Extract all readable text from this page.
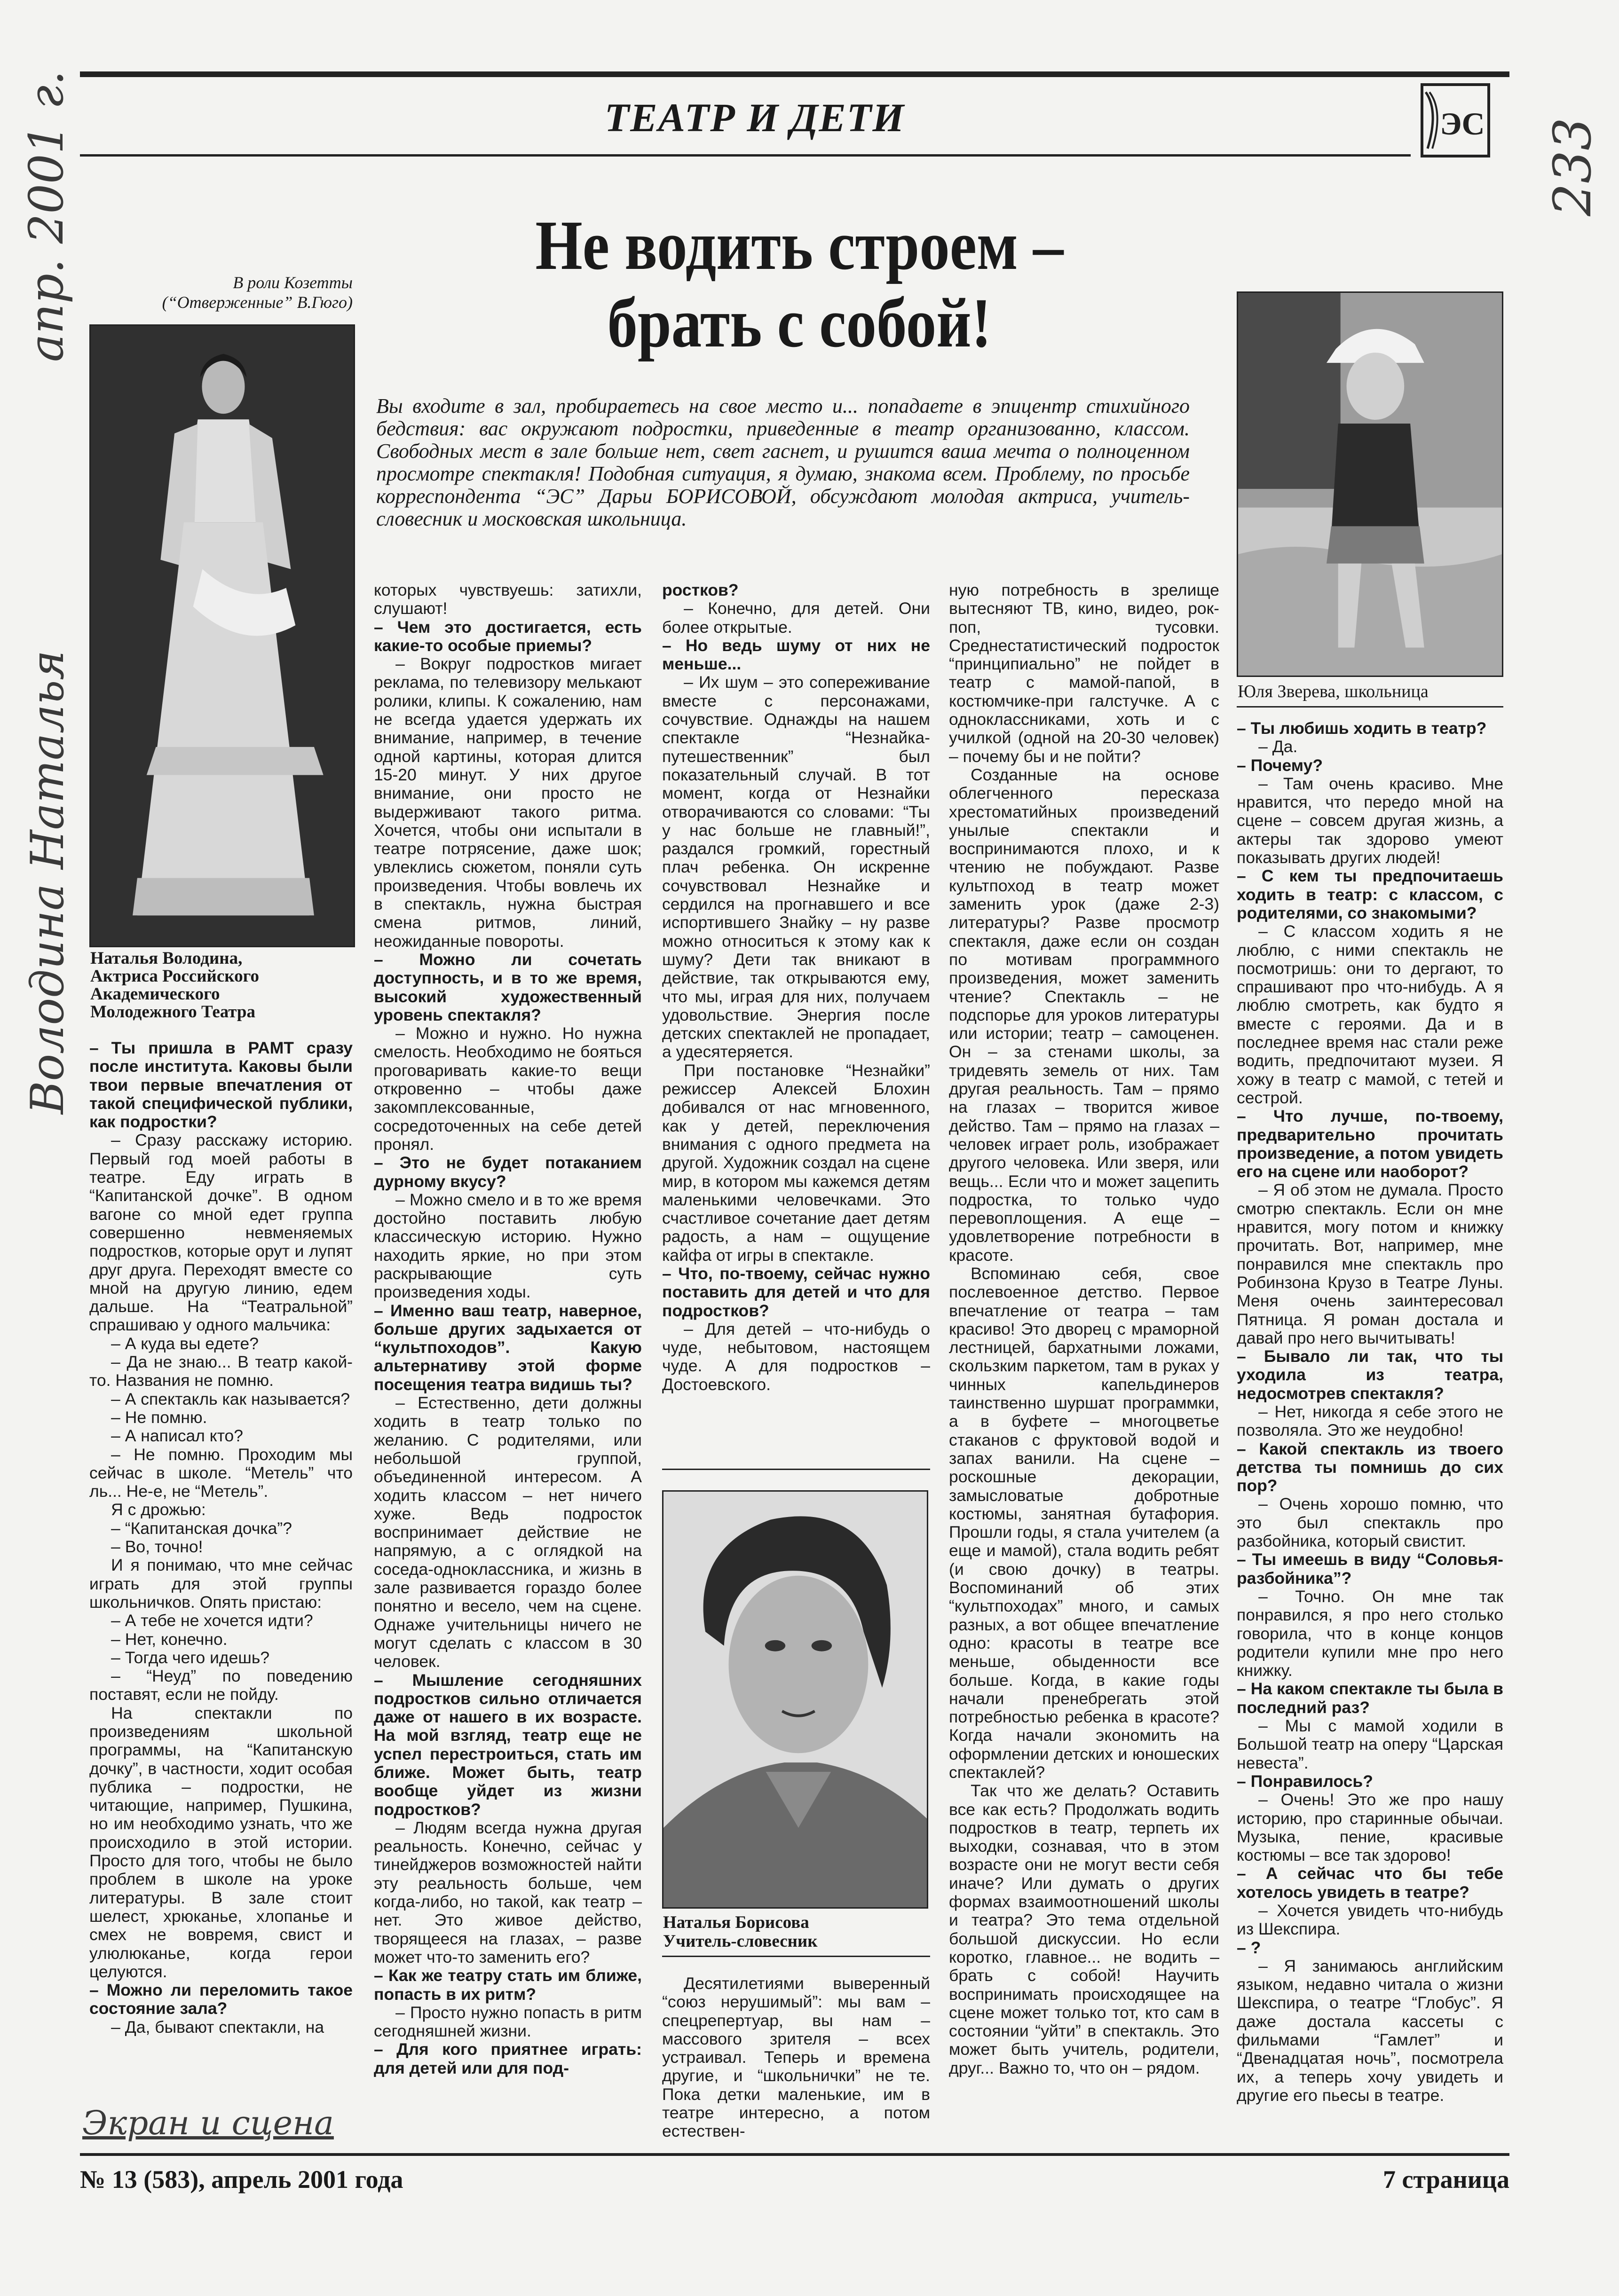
ТЕАТР И ДЕТИ	ЭС 233
апр. 2001 г.	Не водить строем –
брать с собой!
Вы входите в зал, пробираетесь на свое место и... попадаете в эпицентр стихийного бедствия: вас окружают подростки, приведенные в театр организованно, классом. Свободных мест в зале больше нет, свет гаснет, и рушится ваша мечта о полноценном просмотре спектакля! Подобная ситуация, я думаю, знакома всем. Проблему, по просьбе корреспондента “ЭС” Дарьи БОРИСОВОЙ, обсуждают молодая актриса, учитель-словесник и московская школьница.
В роли Козетты
(“Отверженные” В.Гюго)
Наталья Володина,
Актриса Российского
Академического
Молодежного Театра
Володина Наталья

–	Ты пришла в РАМТ сразу после института. Каковы были твои первые впечатления от такой специфической публики, как подростки?

– Сразу расскажу историю. Первый год моей работы в театре. Еду играть в “Капитанской дочке”. В одном вагоне со мной едет группа совершенно невменяемых подростков, которые орут и лупят друг друга. Переходят вместе со мной на другую линию, едем дальше. На “Театральной” спрашиваю у одного мальчика:

– А куда вы едете?

– Да не знаю... В театр какой-то. Названия не помню.

– А спектакль как называется?

– Не помню.

– А написал кто?

– Не помню. Проходим мы сейчас в школе. “Метель” что ль... Не-е, не “Метель”.

Я с дрожью:

– “Капитанская дочка”?

– Во, точно!

И я понимаю, что мне сейчас играть для этой группы школьничков. Опять пристаю:

– А тебе не хочется идти?

– Нет, конечно.

– Тогда чего идешь?

– “Неуд” по поведению поставят, если не пойду.

На спектакли по произведениям школьной программы, на “Капитанскую дочку”, в частности, ходит особая публика – подростки, не читающие, например, Пушкина, но им необходимо узнать, что же происходило в этой истории. Просто для того, чтобы не было проблем в школе на уроке литературы. В зале стоит шелест, хрюканье, хлопанье и смех не вовремя, свист и улюлюканье, когда герои целуются.

– Можно ли переломить такое состояние зала?

– Да, бывают спектакли, на

которых чувствуешь: затихли, слушают!

– Чем это достигается, есть какие-то особые приемы?

– Вокруг подростков мигает реклама, по телевизору мелькают ролики, клипы. К сожалению, нам не всегда удается удержать их внимание, например, в течение одной картины, которая длится 15-20 минут. У них другое внимание, они просто не выдерживают такого ритма. Хочется, чтобы они испытали в театре потрясение, даже шок; увлеклись сюжетом, поняли суть произведения. Чтобы вовлечь их в спектакль, нужна быстрая смена ритмов, линий, неожиданные повороты.

– Можно ли сочетать доступность, и в то же время, высокий художественный уровень спектакля?

– Можно и нужно. Но нужна смелость. Необходимо не бояться проговаривать какие-то вещи откровенно – чтобы даже закомплексованные, сосредоточенных на себе детей пронял.

– Это не будет потаканием дурному вкусу?

– Можно смело и в то же время достойно поставить любую классическую историю. Нужно находить яркие, но при этом раскрывающие суть произведения ходы.

– Именно ваш театр, наверное, больше других задыхается от “культпоходов”. Какую альтернативу этой форме посещения театра видишь ты?

– Естественно, дети должны ходить в театр только по желанию. С родителями, или небольшой группой, объединенной интересом. А ходить классом – нет ничего хуже. Ведь подросток воспринимает действие не напрямую, а с оглядкой на соседа-одноклассника, и жизнь в зале развивается гораздо более понятно и весело, чем на сцене. Однаже учительницы ничего не могут сделать с классом в 30 человек.

– Мышление сегодняшних подростков сильно отличается даже от нашего в их возрасте. На мой взгляд, театр еще не успел перестроиться, стать им ближе. Может быть, театр вообще уйдет из жизни подростков?

– Людям всегда нужна другая реальность. Конечно, сейчас у тинейджеров возможностей найти эту реальность больше, чем когда-либо, но такой, как театр – нет. Это живое действо, творящееся на глазах, – разве может что-то заменить его?

– Как же театру стать им ближе, попасть в их ритм?

– Просто нужно попасть в ритм сегодняшней жизни.

– Для кого приятнее играть: для детей или для под-

ростков?

– Конечно, для детей. Они более открытые.

– Но ведь шуму от них не меньше...

– Их шум – это сопереживание вместе с персонажами, сочувствие. Однажды на нашем спектакле “Незнайка-путешественник” был показательный случай. В тот момент, когда от Незнайки отворачиваются со словами: “Ты у нас больше не главный!”, раздался громкий, горестный плач ребенка. Он искренне сочувствовал Незнайке и сердился на прогнавшего и все испортившего Знайку – ну разве можно относиться к этому как к шуму? Дети так вникают в действие, так открываются ему, что мы, играя для них, получаем удовольствие. Энергия после детских спектаклей не пропадает, а удесятеряется.

При постановке “Незнайки” режиссер Алексей Блохин добивался от нас мгновенного, как у детей, переключения внимания с одного предмета на другой. Художник создал на сцене мир, в котором мы кажемся детям маленькими человечками. Это счастливое сочетание дает детям радость, а нам – ощущение кайфа от игры в спектакле.

– Что, по-твоему, сейчас нужно поставить для детей и что для подростков?

– Для детей – что-нибудь о чуде, небытовом, настоящем чуде. А для подростков – Достоевского.

Наталья Борисова
Учитель-словесник

Десятилетиями выверенный “союз нерушимый”: мы вам – спецрепертуар, вы нам – массового зрителя – всех устраивал. Теперь и времена другие, и “школьнички” не те. Пока детки маленькие, им в театре интересно, а потом естествен-

ную потребность в зрелище вытесняют ТВ, кино, видео, рок-поп, тусовки. Среднестатистический подросток “принципиально” не пойдет в театр с мамой-папой, в костюмчике-при галстучке. А с одноклассниками, хоть и с училкой (одной на 20-30 человек) – почему бы и не пойти?

Созданные на основе облегченного пересказа хрестоматийных произведений унылые спектакли и воспринимаются плохо, и к чтению не побуждают. Разве культпоход в театр может заменить урок (даже 2-3) литературы? Разве просмотр спектакля, даже если он создан по мотивам программного произведения, может заменить чтение? Спектакль – не подспорье для уроков литературы или истории; театр – самоценен. Он – за стенами школы, за тридевять земель от них. Там другая реальность. Там – прямо на глазах – творится живое действо. Там – прямо на глазах – человек играет роль, изображает другого человека. Или зверя, или вещь... Если что и может зацепить подростка, то только чудо перевоплощения. А еще – удовлетворение потребности в красоте.

Вспоминаю себя, свое послевоенное детство. Первое впечатление от театра – там красиво! Это дворец с мраморной лестницей, бархатными ложами, скользким паркетом, там в руках у чинных капельдинеров таинственно шуршат программки, а в буфете – многоцветье стаканов с фруктовой водой и запах ванили. На сцене – роскошные декорации, замысловатые добротные костюмы, занятная бутафория. Прошли годы, я стала учителем (а еще и мамой), стала водить ребят (и свою дочку) в театры. Воспоминаний об этих “культпоходах” много, и самых разных, а вот общее впечатление одно: красоты в театре все меньше, обыденности все больше. Когда, в какие годы начали пренебрегать этой потребностью ребенка в красоте? Когда начали экономить на оформлении детских и юношеских спектаклей?

Так что же делать? Оставить все как есть? Продолжать водить подростков в театр, терпеть их выходки, сознавая, что в этом возрасте они не могут вести себя иначе? Или думать о других формах взаимоотношений школы и театра? Это тема отдельной большой дискуссии. Но если коротко, главное... не водить – брать с собой! Научить воспринимать происходящее на сцене может только тот, кто сам в состоянии “уйти” в спектакль. Это может быть учитель, родители, друг... Важно то, что он – рядом.

Юля Зверева, школьница

– Ты любишь ходить в театр?

– Да.

– Почему?

– Там очень красиво. Мне нравится, что передо мной на сцене – совсем другая жизнь, а актеры так здорово умеют показывать других людей!

– С кем ты предпочитаешь ходить в театр: с классом, с родителями, со знакомыми?

– С классом ходить я не люблю, с ними спектакль не посмотришь: они то дергают, то спрашивают про что-нибудь. А я люблю смотреть, как будто я вместе с героями. Да и в последнее время нас стали реже водить, предпочитают музеи. Я хожу в театр с мамой, с тетей и сестрой.

– Что лучше, по-твоему, предварительно прочитать произведение, а потом увидеть его на сцене или наоборот?

– Я об этом не думала. Просто смотрю спектакль. Если он мне нравится, могу потом и книжку прочитать. Вот, например, мне понравился мне спектакль про Робинзона Крузо в Театре Луны. Меня очень заинтересовал Пятница. Я роман достала и давай про него вычитывать!

– Бывало ли так, что ты уходила из театра, недосмотрев спектакля?

– Нет, никогда я себе этого не позволяла. Это же неудобно!

– Какой спектакль из твоего детства ты помнишь до сих пор?

– Очень хорошо помню, что это был спектакль про разбойника, который свистит.

– Ты имеешь в виду “Соловья-разбойника”?

– Точно. Он мне так понравился, я про него столько говорила, что в конце концов родители купили мне про него книжку.

– На каком спектакле ты была в последний раз?

– Мы с мамой ходили в Большой театр на оперу “Царская невеста”.

– Понравилось?

– Очень! Это же про нашу историю, про старинные обычаи. Музыка, пение, красивые костюмы – все так здорово!

– А сейчас что бы тебе хотелось увидеть в театре?

– Хочется увидеть что-нибудь из Шекспира.

– ?

– Я занимаюсь английским языком, недавно читала о жизни Шекспира, о театре “Глобус”. Я даже достала кассеты с фильмами “Гамлет” и “Двенадцатая ночь”, посмотрела их, а теперь хочу увидеть и другие его пьесы в театре.

Экран и сцена
№ 13 (583), апрель 2001 года	7 страница
